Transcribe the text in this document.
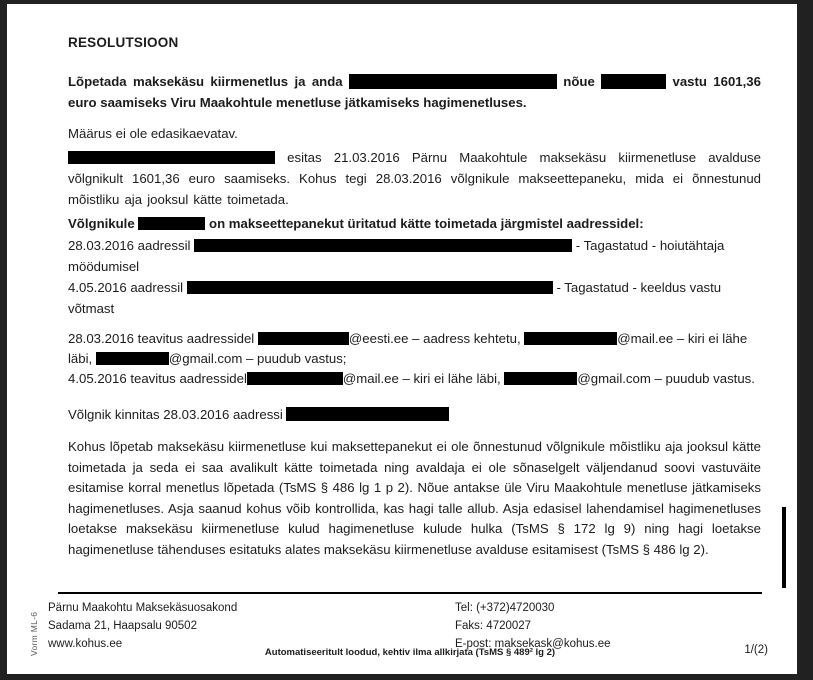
RESOLUTSIOON

Lõpetada maksekäsu kiirmenetlus ja anda	nõue	vastu 1601,36 euro saamiseks Viru Maakohtule menetluse jätkamiseks hagimenetluses.

Määrus ei ole edasikaevatav.

esitas 21.03.2016 Pärnu Maakohtule maksekäsu kiirmenetluse avalduse võlgnikult 1601,36 euro saamiseks. Kohus tegi 28.03.2016 võlgnikule makseettepaneku, mida ei õnnestunud mõistliku aja jooksul kätte toimetada.

Võlgnikule	on makseettepanekut üritatud kätte toimetada järgmistel aadressidel:

28.03.2016 aadressil	- Tagastatud - hoiutähtaja möödumisel

4.05.2016 aadressil	- Tagastatud - keeldus vastu võtmast

28.03.2016 teavitus aadressidel	@eesti.ee – aadress kehtetu,	@mail.ee – kiri ei lähe läbi,	@gmail.com – puudub vastus;

4.05.2016 teavitus aadressidel	@mail.ee – kiri ei lähe läbi,	@gmail.com – puudub vastus.

Võlgnik kinnitas 28.03.2016 aadressi

Kohus lõpetab maksekäsu kiirmenetluse kui maksettepanekut ei ole õnnestunud võlgnikule mõistliku aja jooksul kätte toimetada ja seda ei saa avalikult kätte toimetada ning avaldaja ei ole sõnaselgelt väljendanud soovi vastuväite esitamise korral menetlus lõpetada (TsMS § 486 lg 1 p 2). Nõue antakse üle Viru Maakohtule menetluse jätkamiseks hagimenetluses. Asja saanud kohus võib kontrollida, kas hagi talle allub. Asja edasisel lahendamisel hagimenetluses loetakse maksekäsu kiirmenetluse kulud hagimenetluse kulude hulka (TsMS § 172 lg 9) ning hagi loetakse hagimenetluse tähenduses esitatuks alates maksekäsu kiirmenetluse avalduse esitamisest (TsMS § 486 lg 2).

Vorm ML-6
Pärnu Maakohtu Maksekäsuosakond
Sadama 21, Haapsalu 90502
www.kohus.ee
Tel: (+372)4720030
Faks: 4720027
E-post: maksekask@kohus.ee
Automatiseeritult loodud, kehtiv ilma allkirjata (TsMS § 489² lg 2)	1/(2)
